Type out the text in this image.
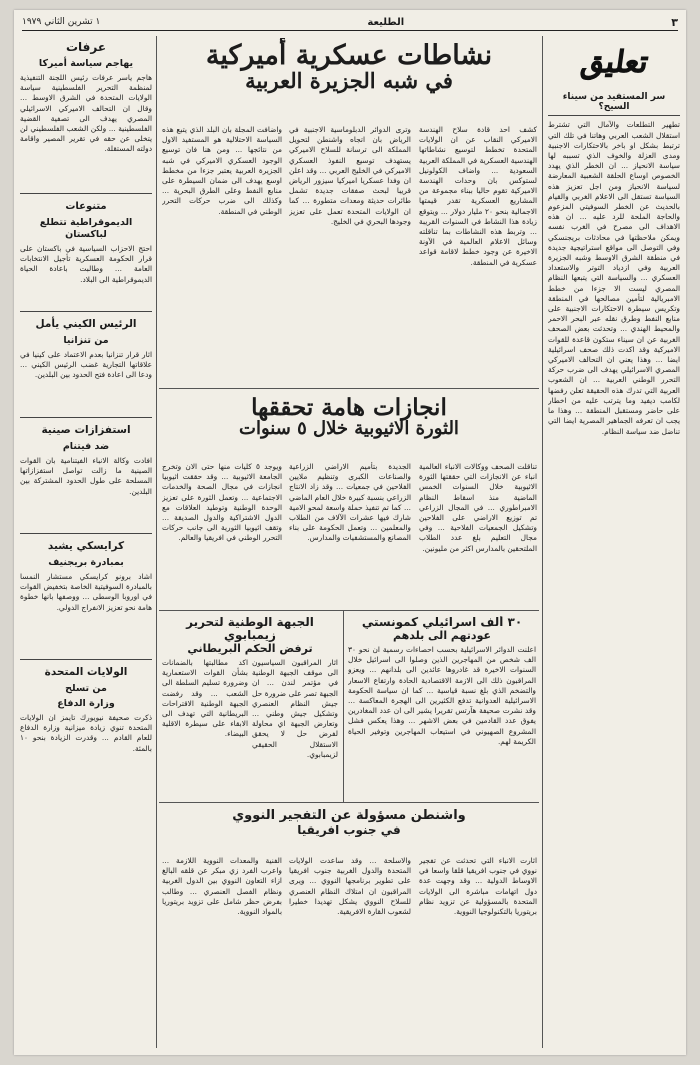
٣
الطليعة
١ تشرين الثاني ١٩٧٩
تعليق
سر المستفيد من سيناء السيح؟
تطهير التطلعات والآمال التي تشترط استقلال الشعب العربي وهاتنا في تلك التي ترتبط بشكل او باخر بالاحتكارات الاجنبية ومدى العزلة والخوف الذي تسببه لها سياسة الانحياز ... ان الخطر الذي يهدد الخصوص اوساع الحلقة الشعبية المعارضة لسياسة الانحياز ومن اجل تعزيز هذه السياسة تستقل الى الاعلام الغربي والقيام بالحديث عن الخطر السوفيتي المزعوم والحاجة الملحة للرد عليه ... ان هذه الاهداف الى مصرح في الغرب نفسه ويمكن ملاحظتها في محادثات بريجنسكي وفي التوصل الى مواقع استراتيجية جديدة في منطقة الشرق الاوسط وشبه الجزيرة العربية وفي ازدياد التوتر والاستعداد العسكري ... والسياسة التي يتبعها النظام المصري ليست الا جزءا من خطط الامبريالية لتأمين مصالحها في المنطقة وتكريس سيطرة الاحتكارات الاجنبية على منابع النفط وطرق نقله عبر البحر الاحمر والمحيط الهندي ... وتحدثت بعض الصحف الغربية عن ان سيناء ستكون قاعدة للقوات الاميركية وقد اكدت ذلك صحف اسرائيلية ايضا ... وهذا يعني ان التحالف الاميركي المصري الاسرائيلي يهدف الى ضرب حركة التحرر الوطني العربية ... ان الشعوب العربية التي تدرك هذه الحقيقة تعلن رفضها لكامب ديفيد وما يترتب عليه من اخطار على حاضر ومستقبل المنطقة ... وهذا ما يجب ان تعرفه الجماهير المصرية ايضا التي تناضل ضد سياسة النظام.
نشاطات عسكرية أميركية
في شبه الجزيرة العربية
كشف احد قادة سلاح الهندسة الاميركي النقاب عن ان الولايات المتحدة تخطط لتوسيع نشاطاتها الهندسية العسكرية في المملكة العربية السعودية ... واضاف الكولونيل لستوكس بان وحدات الهندسة الاميركية تقوم حاليا ببناء مجموعة من المشاريع العسكرية تقدر قيمتها الاجمالية بنحو ٢٠ مليار دولار ... ويتوقع زيادة هذا النشاط في السنوات القريبة ... وتربط هذه النشاطات بما تناقلته وسائل الاعلام العالمية في الآونة الاخيرة عن وجود خطط لاقامة قواعد عسكرية في المنطقة.
وترى الدوائر الدبلوماسية الاجنبية في الرياض بان اتجاه واشنطن لتحويل المملكة الى ترسانة للسلاح الاميركي يستهدف توسيع النفوذ العسكري الاميركي في الخليج العربي ... وقد اعلن ان وفدا عسكريا اميركيا سيزور الرياض قريبا لبحث صفقات جديدة تشمل طائرات حديثة ومعدات متطورة ... كما ان الولايات المتحدة تعمل على تعزيز وجودها البحري في الخليج.
واضافت المجلة بان البلد الذي يتبع هذه السياسة الاحتلالية هو المستفيد الاول من نتائجها ... ومن هنا فان توسيع الوجود العسكري الاميركي في شبه الجزيرة العربية يعتبر جزءا من مخطط اوسع يهدف الى ضمان السيطرة على منابع النفط وعلى الطرق البحرية ... وكذلك الى ضرب حركات التحرر الوطني في المنطقة.
انجازات هامة تحققها
الثورة الاثيوبية خلال ٥ سنوات
تناقلت الصحف ووكالات الانباء العالمية انباء عن الانجازات التي حققتها الثورة الاثيوبية خلال السنوات الخمس الماضية منذ اسقاط النظام الامبراطوري ... في المجال الزراعي تم توزيع الاراضي على الفلاحين وتشكيل الجمعيات الفلاحية ... وفي مجال التعليم بلغ عدد الطلاب الملتحقين بالمدارس اكثر من مليونين.
الجديدة بتأميم الاراضي الزراعية والصناعات الكبرى وتنظيم ملايين الفلاحين في جمعيات ... وقد زاد الانتاج الزراعي بنسبة كبيرة خلال العام الماضي ... كما تم تنفيذ حملة واسعة لمحو الامية شارك فيها عشرات الآلاف من الطلاب والمعلمين ... وتعمل الحكومة على بناء المصانع والمستشفيات والمدارس.
ويوجد ٥ كليات منها حتى الان وتخرج الجامعة الاثيوبية ... وقد حققت اثيوبيا انجازات في مجال الصحة والخدمات الاجتماعية ... وتعمل الثورة على تعزيز الوحدة الوطنية وتوطيد العلاقات مع الدول الاشتراكية والدول الصديقة ... وتقف اثيوبيا الثورية الى جانب حركات التحرر الوطني في افريقيا والعالم.
٣٠ ألف اسرائيلي كمونستي
عودتهم الى بلدهم
اعلنت الدوائر الاسرائيلية بحسب احصاءات رسمية ان نحو ٣٠ الف شخص من المهاجرين الذين وصلوا الى اسرائيل خلال السنوات الاخيرة قد غادروها عائدين الى بلدانهم ... ويعزو المراقبون ذلك الى الازمة الاقتصادية الحادة وارتفاع الاسعار والتضخم الذي بلغ نسبة قياسية ... كما ان سياسة الحكومة الاسرائيلية العدوانية تدفع الكثيرين الى الهجرة المعاكسة ... وقد نشرت صحيفة هآرتس تقريرا يشير الى ان عدد المغادرين يفوق عدد القادمين في بعض الاشهر ... وهذا يعكس فشل المشروع الصهيوني في استيعاب المهاجرين وتوفير الحياة الكريمة لهم.
الجبهة الوطنية لتحرير زيمبابوي
ترفض الحكم البريطاني
اثار المراقبون السياسيون الى موقف الجبهة الوطنية في مؤتمر لندن ... ان الجبهة تصر على ضرورة حل جيش النظام العنصري وتشكيل جيش وطني ... وتعارض الجبهة اي محاولة لفرض حل لا يحقق الاستقلال الحقيقي لزيمبابوي.
اكد مطالبتها بالضمانات بشأن القوات الاستعمارية وضرورة تسليم السلطة الى الشعب ... وقد رفضت الجبهة الوطنية الاقتراحات البريطانية التي تهدف الى الابقاء على سيطرة الاقلية البيضاء.
واشنطن مسؤولة عن التفجير النووي
في جنوب افريقيا
اثارت الانباء التي تحدثت عن تفجير نووي في جنوب افريقيا قلقا واسعا في الاوساط الدولية ... وقد وجهت عدة دول اتهامات مباشرة الى الولايات المتحدة بالمسؤولية عن تزويد نظام بريتوريا بالتكنولوجيا النووية.
والاسلحة ... وقد ساعدت الولايات المتحدة والدول الغربية جنوب افريقيا على تطوير برنامجها النووي ... ويرى المراقبون ان امتلاك النظام العنصري للسلاح النووي يشكل تهديدا خطيرا لشعوب القارة الافريقية.
الفنية والمعدات النووية اللازمة ... واعرب الفرد زي مبكر عن قلقه البالغ ازاء التعاون النووي بين الدول الغربية ونظام الفصل العنصري ... وطالب بفرض حظر شامل على تزويد بريتوريا بالمواد النووية.
عرفات
يهاجم سياسة أميركا
هاجم ياسر عرفات رئيس اللجنة التنفيذية لمنظمة التحرير الفلسطينية سياسة الولايات المتحدة في الشرق الاوسط ... وقال ان التحالف الاميركي الاسرائيلي المصري يهدف الى تصفية القضية الفلسطينية ... ولكن الشعب الفلسطيني لن يتخلى عن حقه في تقرير المصير واقامة دولته المستقلة.
متنوعات
الديموقراطية تتطلع لباكستان
احتج الاحزاب السياسية في باكستان على قرار الحكومة العسكرية تأجيل الانتخابات العامة ... وطالبت باعادة الحياة الديموقراطية الى البلاد.
الرئيس الكيني يأمل
من تنزانيا
اثار قرار تنزانيا بعدم الاعتماد على كينيا في علاقاتها التجارية غضب الرئيس الكيني ... ودعا الى اعادة فتح الحدود بين البلدين.
استفزازات صينية
ضد فيتنام
افادت وكالة الانباء الفيتنامية بان القوات الصينية ما زالت تواصل استفزازاتها المسلحة على طول الحدود المشتركة بين البلدين.
كرايسكي يشيد
بمبادرة بريجنيف
اشاد برونو كرايسكي مستشار النمسا بالمبادرة السوفيتية الخاصة بتخفيض القوات في اوروبا الوسطى ... ووصفها بانها خطوة هامة نحو تعزيز الانفراج الدولي.
الولايات المتحدة
من تسلح
وزارة الدفاع
ذكرت صحيفة نيويورك تايمز ان الولايات المتحدة تنوي زيادة ميزانية وزارة الدفاع للعام القادم ... وقدرت الزيادة بنحو ١٠ بالمئة.
